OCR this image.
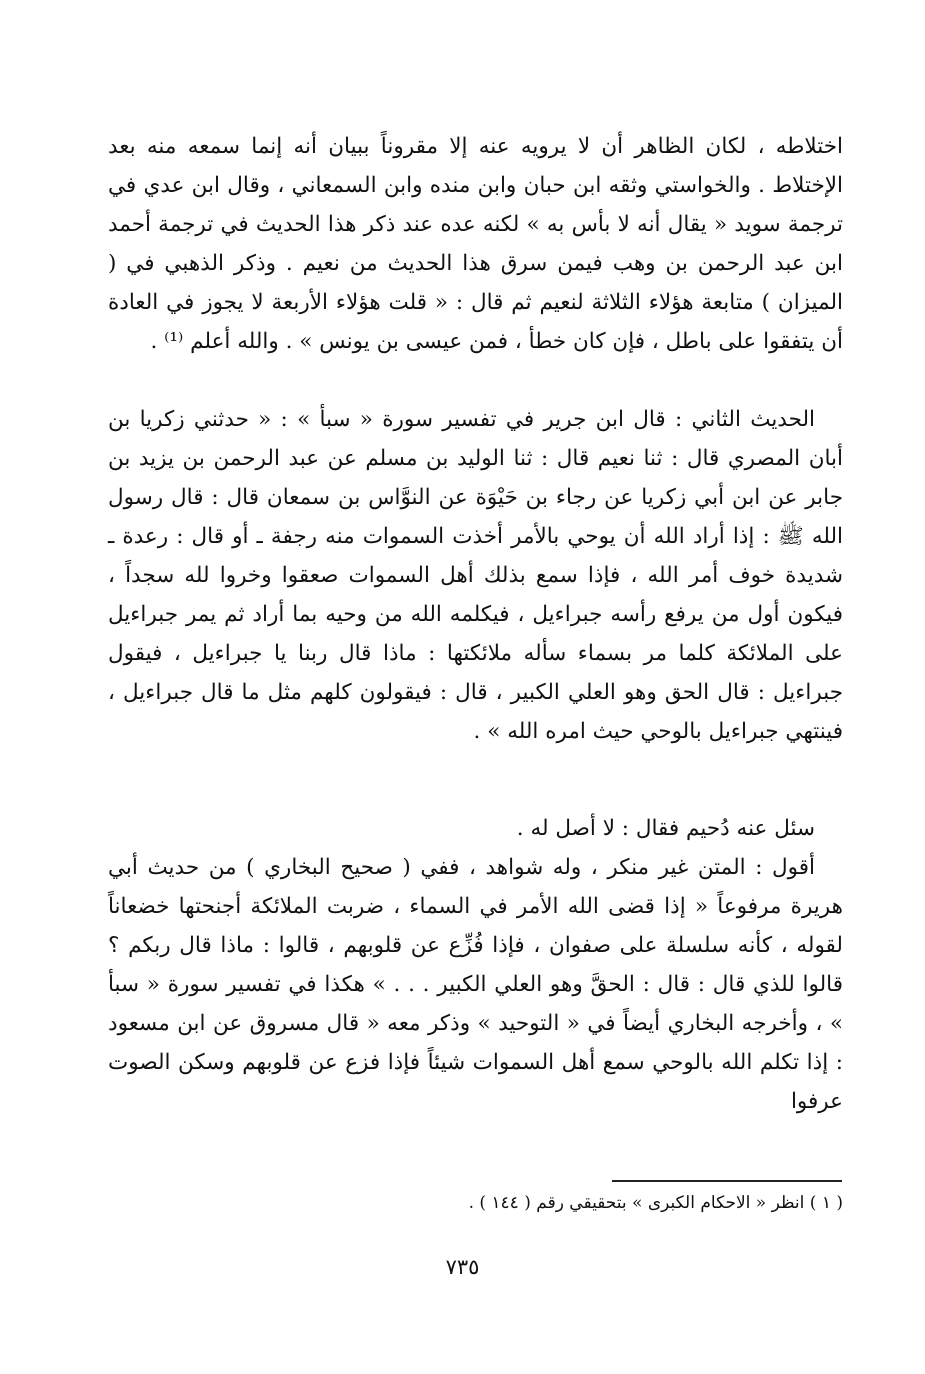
اختلاطه ، لكان الظاهر أن لا يرويه عنه إلا مقروناً ببيان أنه إنما سمعه منه بعد الإختلاط . والخواستي وثقه ابن حبان وابن منده وابن السمعاني ، وقال ابن عدي في ترجمة سويد « يقال أنه لا بأس به » لكنه عده عند ذكر هذا الحديث في ترجمة أحمد ابن عبد الرحمن بن وهب فيمن سرق هذا الحديث من نعيم . وذكر الذهبي في ( الميزان ) متابعة هؤلاء الثلاثة لنعيم ثم قال : « قلت هؤلاء الأربعة لا يجوز في العادة أن يتفقوا على باطل ، فإن كان خطأ ، فمن عيسى بن يونس » . والله أعلم ⁽¹⁾ .

الحديث الثاني : قال ابن جرير في تفسير سورة « سبأ » : « حدثني زكريا بن أبان المصري قال : ثنا نعيم قال : ثنا الوليد بن مسلم عن عبد الرحمن بن يزيد بن جابر عن ابن أبي زكريا عن رجاء بن حَيْوَة عن النوَّاس بن سمعان قال : قال رسول الله ﷺ : إذا أراد الله أن يوحي بالأمر أخذت السموات منه رجفة ـ أو قال : رعدة ـ شديدة خوف أمر الله ، فإذا سمع بذلك أهل السموات صعقوا وخروا لله سجداً ، فيكون أول من يرفع رأسه جبراءيل ، فيكلمه الله من وحيه بما أراد ثم يمر جبراءيل على الملائكة كلما مر بسماء سأله ملائكتها : ماذا قال ربنا يا جبراءيل ، فيقول جبراءيل : قال الحق وهو العلي الكبير ، قال : فيقولون كلهم مثل ما قال جبراءيل ، فينتهي جبراءيل بالوحي حيث امره الله » .

سئل عنه دُحيم فقال : لا أصل له .

أقول : المتن غير منكر ، وله شواهد ، ففي ( صحيح البخاري ) من حديث أبي هريرة مرفوعاً « إذا قضى الله الأمر في السماء ، ضربت الملائكة أجنحتها خضعاناً لقوله ، كأنه سلسلة على صفوان ، فإذا فُزِّع عن قلوبهم ، قالوا : ماذا قال ربكم ؟ قالوا للذي قال : قال : الحقَّ وهو العلي الكبير . . . » هكذا في تفسير سورة « سبأ » ، وأخرجه البخاري أيضاً في « التوحيد » وذكر معه « قال مسروق عن ابن مسعود : إذا تكلم الله بالوحي سمع أهل السموات شيئاً فإذا فزع عن قلوبهم وسكن الصوت عرفوا

( ١ ) انظر « الاحكام الكبرى » بتحقيقي رقم ( ١٤٤ ) .
٧٣٥
